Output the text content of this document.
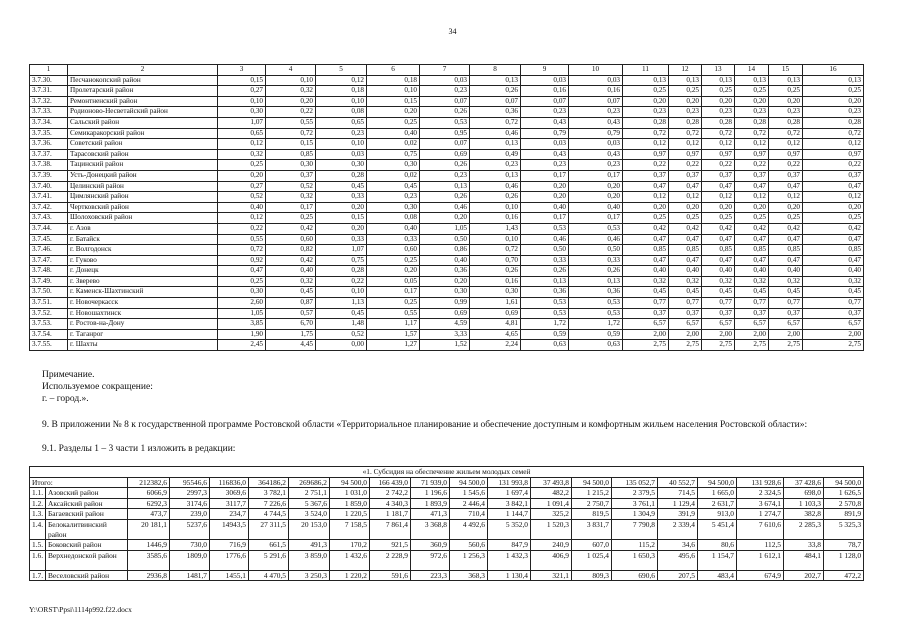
34
1	2	3	4	5	6	7	8	9	10	11	12	13	14	15	16
3.7.30.	Песчанокопский район	0,15	0,10	0,12	0,18	0,03	0,13	0,03	0,03	0,13	0,13	0,13	0,13	0,13	0,13
3.7.31.	Пролетарский район	0,27	0,32	0,18	0,10	0,23	0,26	0,16	0,16	0,25	0,25	0,25	0,25	0,25	0,25
3.7.32.	Ремонтненский район	0,10	0,20	0,10	0,15	0,07	0,07	0,07	0,07	0,20	0,20	0,20	0,20	0,20	0,20
3.7.33.	Родионово-Несветайский район	0,30	0,22	0,08	0,20	0,26	0,36	0,23	0,23	0,23	0,23	0,23	0,23	0,23	0,23
3.7.34.	Сальский район	1,07	0,55	0,65	0,25	0,53	0,72	0,43	0,43	0,28	0,28	0,28	0,28	0,28	0,28
3.7.35.	Семикаракорский район	0,65	0,72	0,23	0,40	0,95	0,46	0,79	0,79	0,72	0,72	0,72	0,72	0,72	0,72
3.7.36.	Советский район	0,12	0,15	0,10	0,02	0,07	0,13	0,03	0,03	0,12	0,12	0,12	0,12	0,12	0,12
3.7.37.	Тарасовский район	0,32	0,85	0,03	0,75	0,69	0,49	0,43	0,43	0,97	0,97	0,97	0,97	0,97	0,97
3.7.38.	Тацинский район	0,25	0,30	0,30	0,30	0,26	0,23	0,23	0,23	0,22	0,22	0,22	0,22	0,22	0,22
3.7.39.	Усть-Донецкий район	0,20	0,37	0,28	0,02	0,23	0,13	0,17	0,17	0,37	0,37	0,37	0,37	0,37	0,37
3.7.40.	Целинский район	0,27	0,52	0,45	0,45	0,13	0,46	0,20	0,20	0,47	0,47	0,47	0,47	0,47	0,47
3.7.41.	Цимлянский район	0,52	0,32	0,33	0,23	0,26	0,26	0,20	0,20	0,12	0,12	0,12	0,12	0,12	0,12
3.7.42.	Чертковский район	0,40	0,17	0,20	0,30	0,46	0,10	0,40	0,40	0,20	0,20	0,20	0,20	0,20	0,20
3.7.43.	Шолоховский район	0,12	0,25	0,15	0,08	0,20	0,16	0,17	0,17	0,25	0,25	0,25	0,25	0,25	0,25
3.7.44.	г. Азов	0,22	0,42	0,20	0,40	1,05	1,43	0,53	0,53	0,42	0,42	0,42	0,42	0,42	0,42
3.7.45.	г. Батайск	0,55	0,60	0,33	0,33	0,50	0,10	0,46	0,46	0,47	0,47	0,47	0,47	0,47	0,47
3.7.46.	г. Волгодонск	0,72	0,82	1,07	0,60	0,86	0,72	0,50	0,50	0,85	0,85	0,85	0,85	0,85	0,85
3.7.47.	г. Гуково	0,92	0,42	0,75	0,25	0,40	0,70	0,33	0,33	0,47	0,47	0,47	0,47	0,47	0,47
3.7.48.	г. Донецк	0,47	0,40	0,28	0,20	0,36	0,26	0,26	0,26	0,40	0,40	0,40	0,40	0,40	0,40
3.7.49.	г. Зверево	0,25	0,32	0,22	0,05	0,20	0,16	0,13	0,13	0,32	0,32	0,32	0,32	0,32	0,32
3.7.50.	г. Каменск-Шахтинский	0,30	0,45	0,10	0,17	0,30	0,30	0,36	0,36	0,45	0,45	0,45	0,45	0,45	0,45
3.7.51.	г. Новочеркасск	2,60	0,87	1,13	0,25	0,99	1,61	0,53	0,53	0,77	0,77	0,77	0,77	0,77	0,77
3.7.52.	г. Новошахтинск	1,05	0,57	0,45	0,55	0,69	0,69	0,53	0,53	0,37	0,37	0,37	0,37	0,37	0,37
3.7.53.	г. Ростов-на-Дону	3,85	6,70	1,48	1,17	4,59	4,81	1,72	1,72	6,57	6,57	6,57	6,57	6,57	6,57
3.7.54.	г. Таганрог	1,90	1,75	0,52	1,57	3,33	4,65	0,59	0,59	2,00	2,00	2,00	2,00	2,00	2,00
3.7.55.	г. Шахты	2,45	4,45	0,00	1,27	1,52	2,24	0,63	0,63	2,75	2,75	2,75	2,75	2,75	2,75
Примечание.
Используемое сокращение:
г. – город.».
9. В приложении № 8 к государственной программе Ростовской области «Территориальное планирование и обеспечение доступным и комфортным жильем населения Ростовской области»:
9.1. Разделы 1 – 3 части 1 изложить в редакции:
«1. Субсидия на обеспечение жильем молодых семей																			
Итого:		212382,6	95546,6	116836,0	364186,2	269686,2	94 500,0	166 439,0	71 939,0	94 500,0	131 993,8	37 493,8	94 500,0	135 052,7	40 552,7	94 500,0	131 928,6	37 428,6	94 500,0
1.1.	Азовский район	6066,9	2997,3	3069,6	3 782,1	2 751,1	1 031,0	2 742,2	1 196,6	1 545,6	1 697,4	482,2	1 215,2	2 379,5	714,5	1 665,0	2 324,5	698,0	1 626,5
1.2.	Аксайский район	6292,3	3174,6	3117,7	7 226,6	5 367,6	1 859,0	4 340,3	1 893,9	2 446,4	3 842,1	1 091,4	2 750,7	3 761,1	1 129,4	2 631,7	3 674,1	1 103,3	2 570,8
1.3.	Багаевский район	473,7	239,0	234,7	4 744,5	3 524,0	1 220,5	1 181,7	471,3	710,4	1 144,7	325,2	819,5	1 304,9	391,9	913,0	1 274,7	382,8	891,9
1.4.	Белокалитвинский район	20 181,1	5237,6	14943,5	27 311,5	20 153,0	7 158,5	7 861,4	3 368,8	4 492,6	5 352,0	1 520,3	3 831,7	7 790,8	2 339,4	5 451,4	7 610,6	2 285,3	5 325,3
1.5.	Боковский район	1446,9	730,0	716,9	661,5	491,3	170,2	921,5	360,9	560,6	847,9	240,9	607,0	115,2	34,6	80,6	112,5	33,8	78,7
1.6.	Верхнедонской район	3585,6	1809,0	1776,6	5 291,6	3 859,0	1 432,6	2 228,9	972,6	1 256,3	1 432,3	406,9	1 025,4	1 650,3	495,6	1 154,7	1 612,1	484,1	1 128,0
1.7.	Веселовский район	2936,8	1481,7	1455,1	4 470,5	3 250,3	1 220,2	591,6	223,3	368,3	1 130,4	321,1	809,3	690,6	207,5	483,4	674,9	202,7	472,2
Y:\ORST\Ppsi\1114p992.f22.docx
